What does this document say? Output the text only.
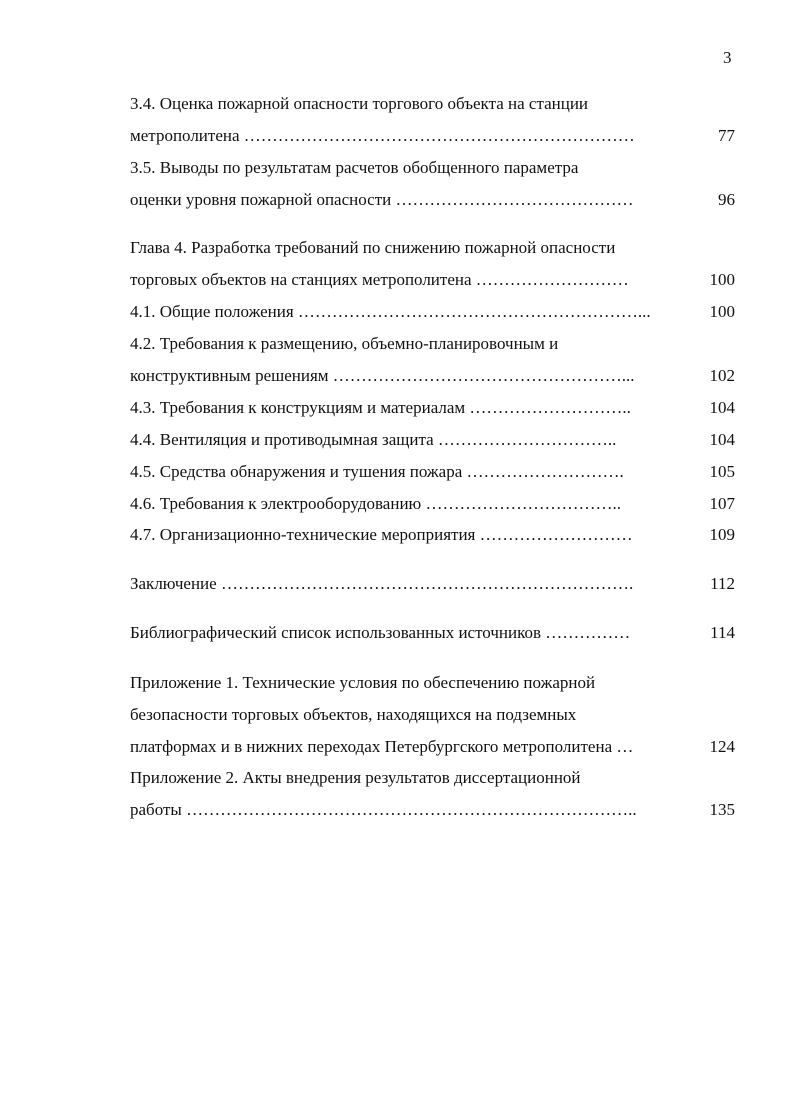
3
3.4. Оценка пожарной опасности торгового объекта на станции
метрополитена ……………………………………………………………	77
3.5. Выводы по результатам расчетов обобщенного параметра
оценки уровня пожарной опасности ……………………………………	96
Глава 4. Разработка требований по снижению пожарной опасности
торговых объектов на станциях метрополитена ………………………	100
4.1. Общие положения ……………………………………………………...	100
4.2. Требования к размещению, объемно-планировочным и
конструктивным решениям ……………………………………………...	102
4.3. Требования к конструкциям и материалам ………………………..	104
4.4. Вентиляция и противодымная защита …………………………..	104
4.5. Средства обнаружения и тушения пожара ……………………….	105
4.6. Требования к электрооборудованию ……………………………..	107
4.7. Организационно-технические мероприятия ………………………	109
Заключение ……………………………………………………………….	112
Библиографический список использованных источников ……………	114
Приложение 1. Технические условия по обеспечению пожарной
безопасности торговых объектов, находящихся на подземных
платформах и в нижних переходах Петербургского метрополитена …	124
Приложение 2. Акты внедрения результатов диссертационной
работы ……………………………………………………………………..	135
